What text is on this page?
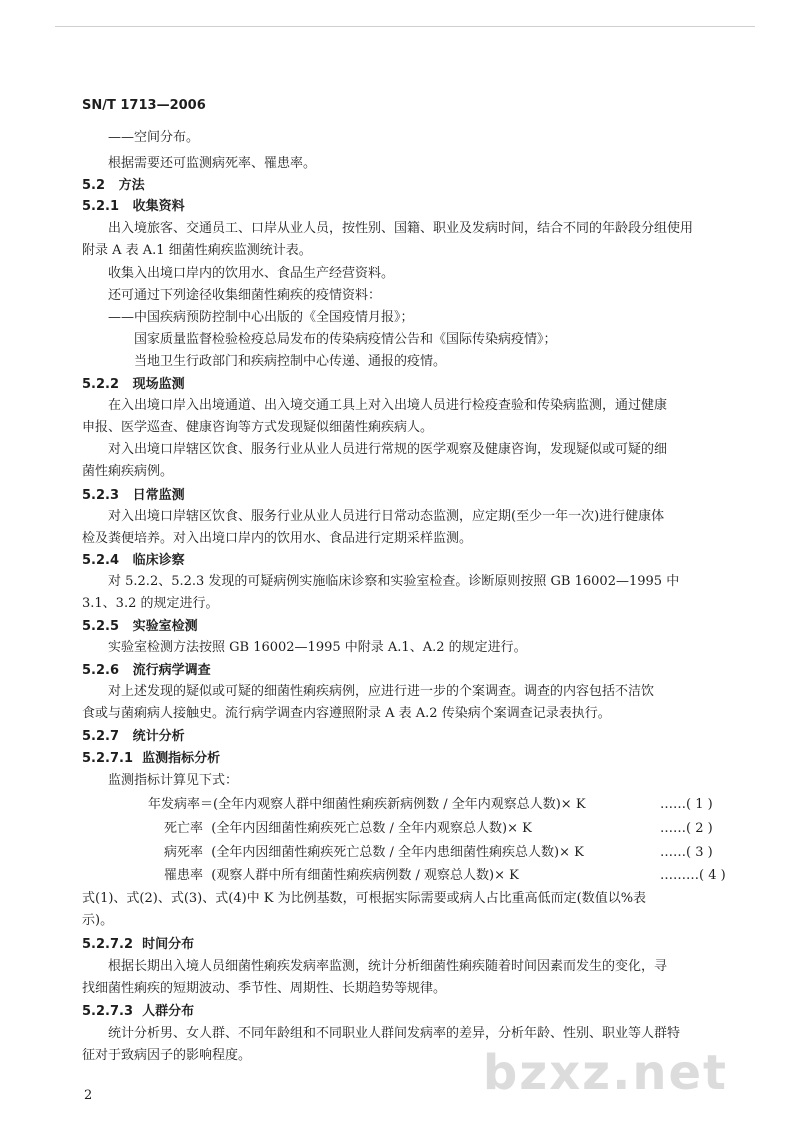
SN/T 1713—2006
——空间分布。
根据需要还可监测病死率、罹患率。
5.2 方法
5.2.1 收集资料
出入境旅客、交通员工、口岸从业人员，按性别、国籍、职业及发病时间，结合不同的年龄段分组使用
附录 A 表 A.1 细菌性痢疾监测统计表。
收集入出境口岸内的饮用水、食品生产经营资料。
还可通过下列途径收集细菌性痢疾的疫情资料：
——中国疾病预防控制中心出版的《全国疫情月报》；
国家质量监督检验检疫总局发布的传染病疫情公告和《国际传染病疫情》；
当地卫生行政部门和疾病控制中心传递、通报的疫情。
5.2.2 现场监测
在入出境口岸入出境通道、出入境交通工具上对入出境人员进行检疫查验和传染病监测，通过健康
申报、医学巡查、健康咨询等方式发现疑似细菌性痢疾病人。
对入出境口岸辖区饮食、服务行业从业人员进行常规的医学观察及健康咨询，发现疑似或可疑的细
菌性痢疾病例。
5.2.3 日常监测
对入出境口岸辖区饮食、服务行业从业人员进行日常动态监测，应定期(至少一年一次)进行健康体
检及粪便培养。对入出境口岸内的饮用水、食品进行定期采样监测。
5.2.4 临床诊察
对 5.2.2、5.2.3 发现的可疑病例实施临床诊察和实验室检查。诊断原则按照 GB 16002—1995 中
3.1、3.2 的规定进行。
5.2.5 实验室检测
实验室检测方法按照 GB 16002—1995 中附录 A.1、A.2 的规定进行。
5.2.6 流行病学调查
对上述发现的疑似或可疑的细菌性痢疾病例，应进行进一步的个案调查。调查的内容包括不洁饮
食或与菌痢病人接触史。流行病学调查内容遵照附录 A 表 A.2 传染病个案调查记录表执行。
5.2.7 统计分析
5.2.7.1 监测指标分析
监测指标计算见下式：
年发病率＝(全年内观察人群中细菌性痢疾新病例数 / 全年内观察总人数)× K	……( 1 )
死亡率 (全年内因细菌性痢疾死亡总数 / 全年内观察总人数)× K	……( 2 )
病死率 (全年内因细菌性痢疾死亡总数 / 全年内患细菌性痢疾总人数)× K	……( 3 )
罹患率 (观察人群中所有细菌性痢疾病例数 / 观察总人数)× K	………( 4 )
式(1)、式(2)、式(3)、式(4)中 K 为比例基数，可根据实际需要或病人占比重高低而定(数值以%表
示)。
5.2.7.2 时间分布
根据长期出入境人员细菌性痢疾发病率监测，统计分析细菌性痢疾随着时间因素而发生的变化，寻
找细菌性痢疾的短期波动、季节性、周期性、长期趋势等规律。
5.2.7.3 人群分布
统计分析男、女人群、不同年龄组和不同职业人群间发病率的差异，分析年龄、性别、职业等人群特
征对于致病因子的影响程度。	bzxz.net
2
